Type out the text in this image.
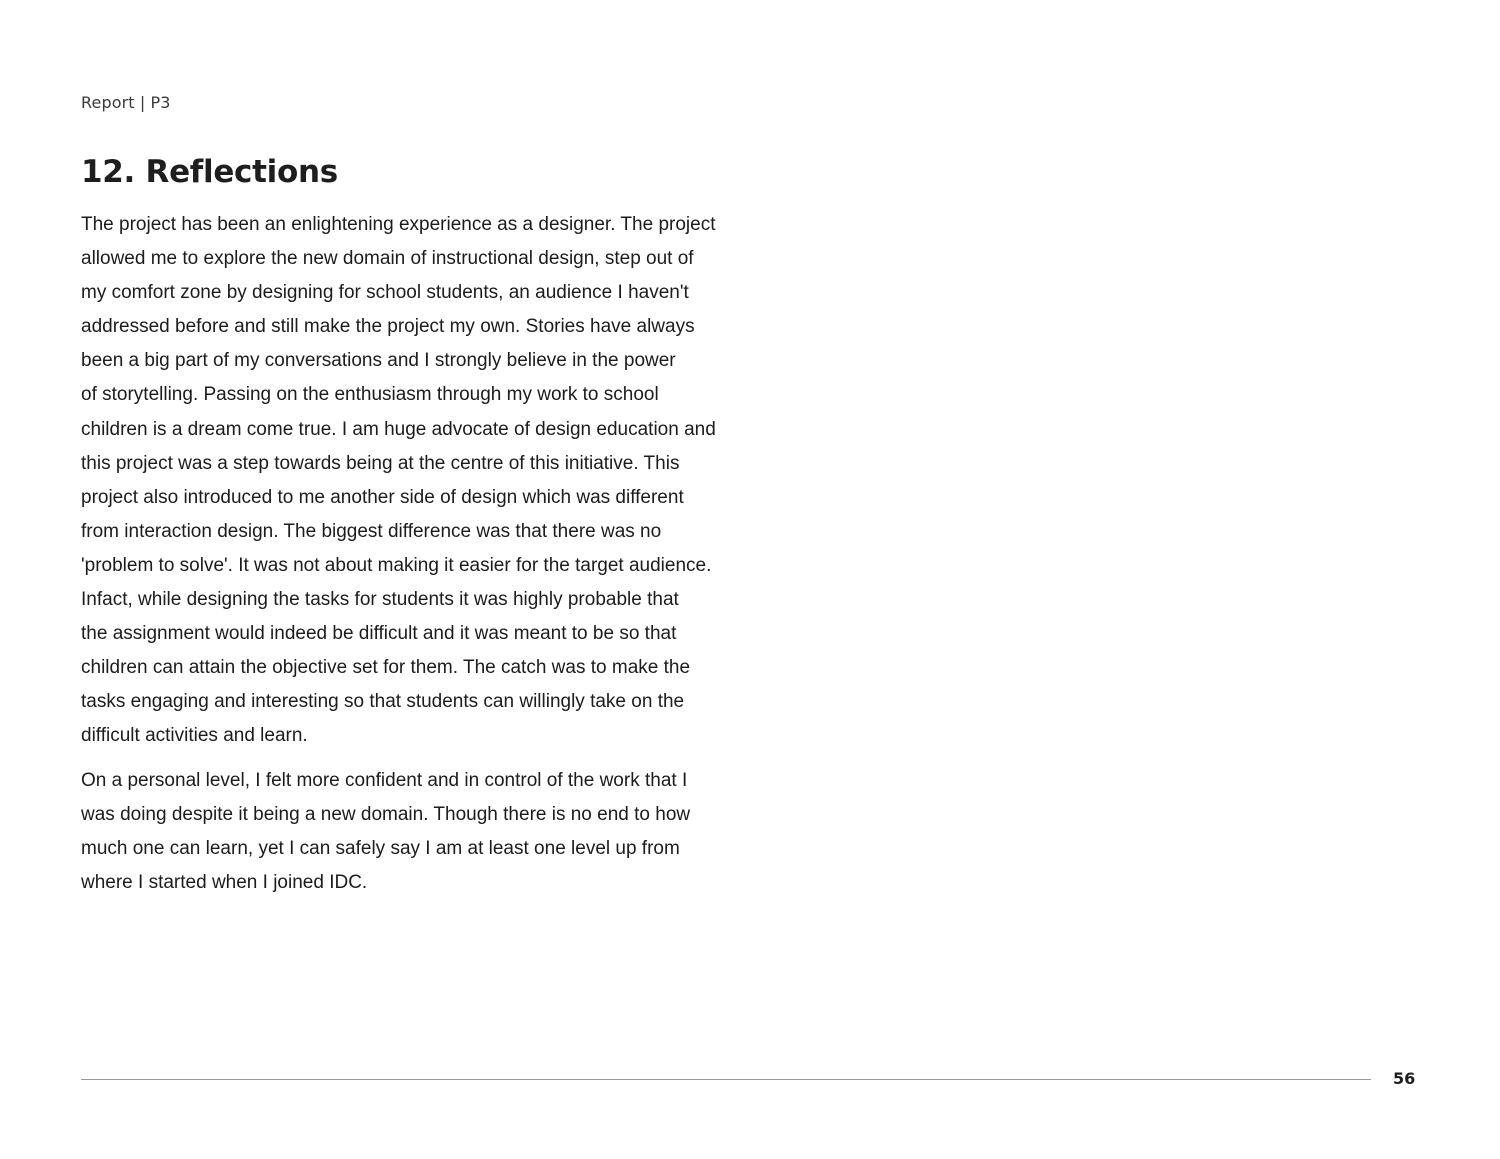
Report | P3
12. Reflections

The project has been an enlightening experience as a designer. The project
allowed me to explore the new domain of instructional design, step out of
my comfort zone by designing for school students, an audience I haven't
addressed before and still make the project my own. Stories have always
been a big part of my conversations and I strongly believe in the power
of storytelling. Passing on the enthusiasm through my work to school
children is a dream come true. I am huge advocate of design education and
this project was a step towards being at the centre of this initiative. This
project also introduced to me another side of design which was different
from interaction design. The biggest difference was that there was no
'problem to solve'. It was not about making it easier for the target audience.
Infact, while designing the tasks for students it was highly probable that
the assignment would indeed be difficult and it was meant to be so that
children can attain the objective set for them. The catch was to make the
tasks engaging and interesting so that students can willingly take on the
difficult activities and learn.

On a personal level, I felt more confident and in control of the work that I
was doing despite it being a new domain. Though there is no end to how
much one can learn, yet I can safely say I am at least one level up from
where I started when I joined IDC.

56
